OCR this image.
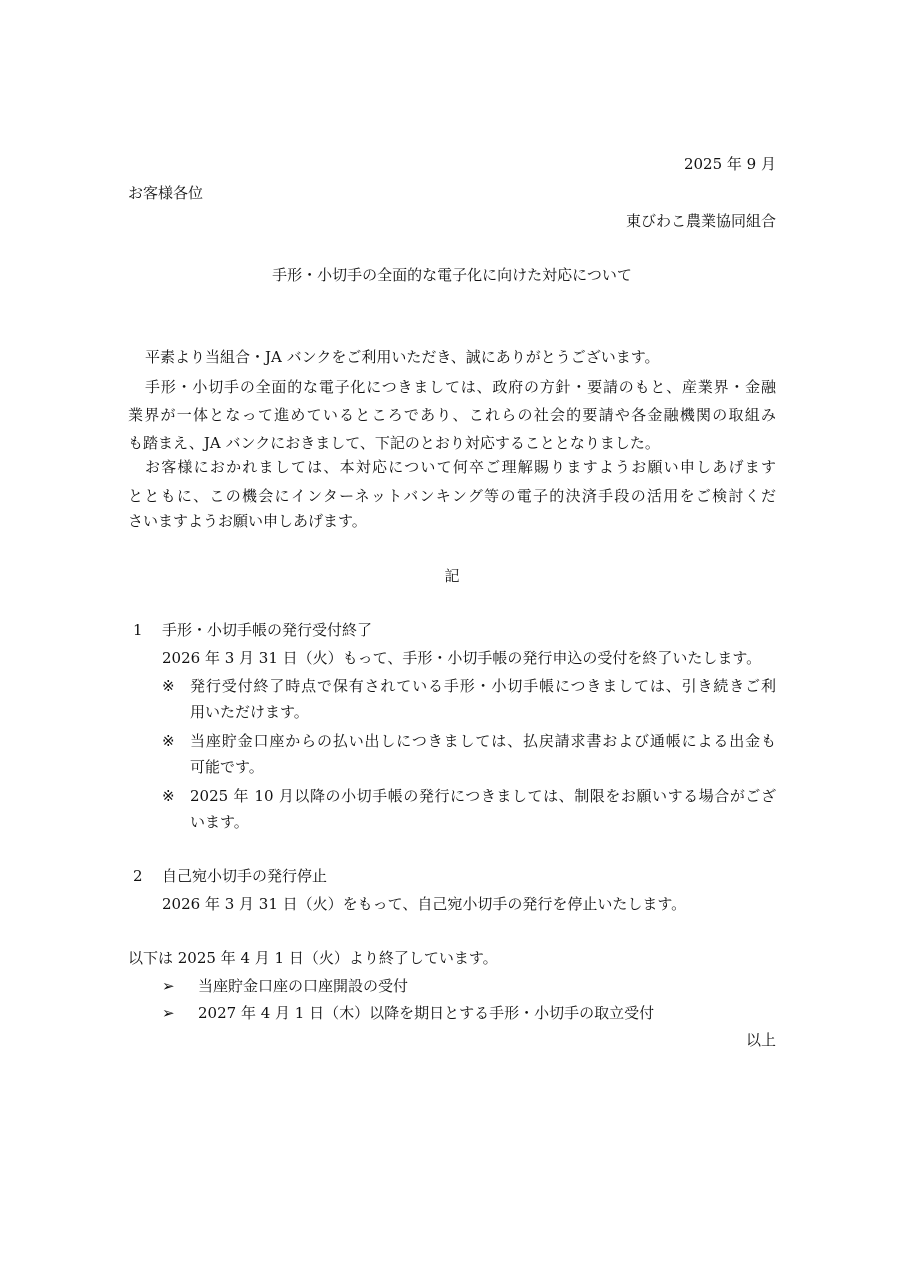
2025 年 9 月
お客様各位
東びわこ農業協同組合
手形・小切手の全面的な電子化に向けた対応について
平素より当組合・JA バンクをご利用いただき、誠にありがとうございます。
手形・小切手の全面的な電子化につきましては、政府の方針・要請のもと、産業界・金融
業界が一体となって進めているところであり、これらの社会的要請や各金融機関の取組み
も踏まえ、JA バンクにおきまして、下記のとおり対応することとなりました。
お客様におかれましては、本対応について何卒ご理解賜りますようお願い申しあげます
とともに、この機会にインターネットバンキング等の電子的決済手段の活用をご検討くだ
さいますようお願い申しあげます。
記
1 手形・小切手帳の発行受付終了
2026 年 3 月 31 日（火）もって、手形・小切手帳の発行申込の受付を終了いたします。
※ 発行受付終了時点で保有されている手形・小切手帳につきましては、引き続きご利
用いただけます。
※ 当座貯金口座からの払い出しにつきましては、払戻請求書および通帳による出金も
可能です。
※ 2025 年 10 月以降の小切手帳の発行につきましては、制限をお願いする場合がござ
います。
2 自己宛小切手の発行停止
2026 年 3 月 31 日（火）をもって、自己宛小切手の発行を停止いたします。
以下は 2025 年 4 月 1 日（火）より終了しています。
➢ 当座貯金口座の口座開設の受付
➢ 2027 年 4 月 1 日（木）以降を期日とする手形・小切手の取立受付
以上
